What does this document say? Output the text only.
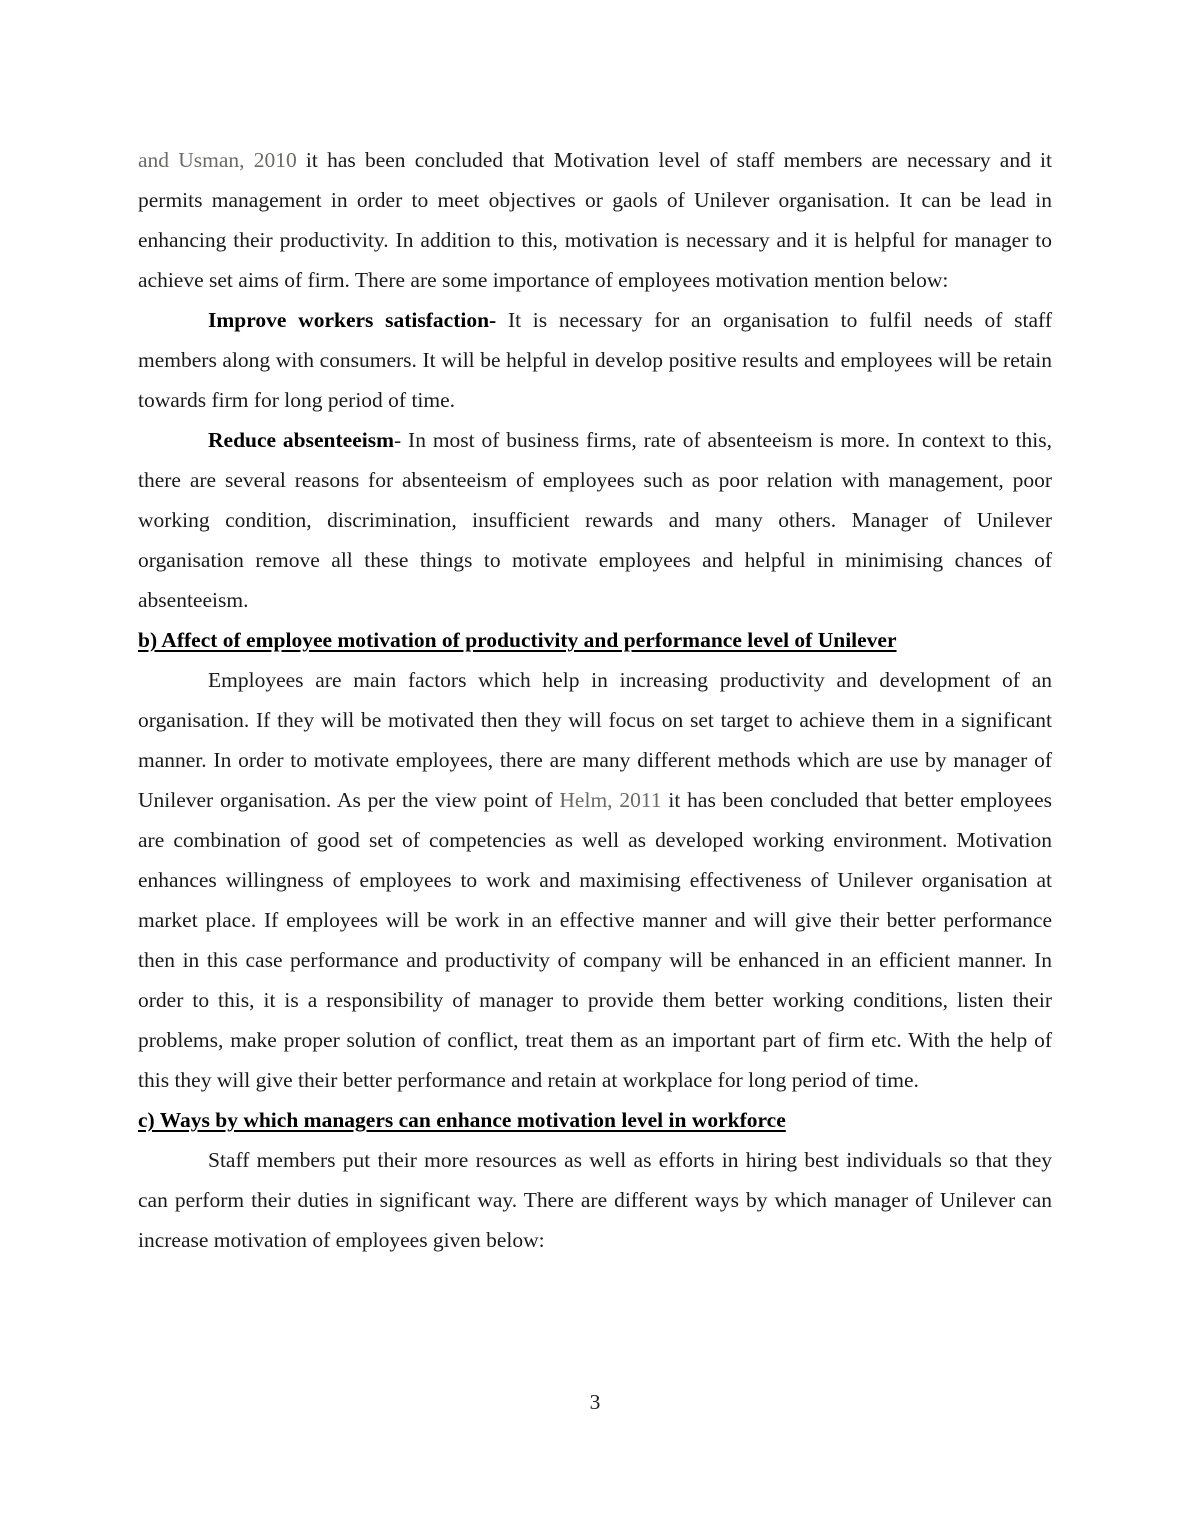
and Usman, 2010 it has been concluded that Motivation level of staff members are necessary and it permits management in order to meet objectives or gaols of Unilever organisation. It can be lead in enhancing their productivity. In addition to this, motivation is necessary and it is helpful for manager to achieve set aims of firm. There are some importance of employees motivation mention below:

Improve workers satisfaction- It is necessary for an organisation to fulfil needs of staff members along with consumers. It will be helpful in develop positive results and employees will be retain towards firm for long period of time.

Reduce absenteeism- In most of business firms, rate of absenteeism is more. In context to this, there are several reasons for absenteeism of employees such as poor relation with management, poor working condition, discrimination, insufficient rewards and many others. Manager of Unilever organisation remove all these things to motivate employees and helpful in minimising chances of absenteeism.

b) Affect of employee motivation of productivity and performance level of Unilever

Employees are main factors which help in increasing productivity and development of an organisation. If they will be motivated then they will focus on set target to achieve them in a significant manner. In order to motivate employees, there are many different methods which are use by manager of Unilever organisation. As per the view point of Helm, 2011 it has been concluded that better employees are combination of good set of competencies as well as developed working environment. Motivation enhances willingness of employees to work and maximising effectiveness of Unilever organisation at market place. If employees will be work in an effective manner and will give their better performance then in this case performance and productivity of company will be enhanced in an efficient manner. In order to this, it is a responsibility of manager to provide them better working conditions, listen their problems, make proper solution of conflict, treat them as an important part of firm etc. With the help of this they will give their better performance and retain at workplace for long period of time.

c) Ways by which managers can enhance motivation level in workforce

Staff members put their more resources as well as efforts in hiring best individuals so that they can perform their duties in significant way. There are different ways by which manager of Unilever can increase motivation of employees given below:

3
